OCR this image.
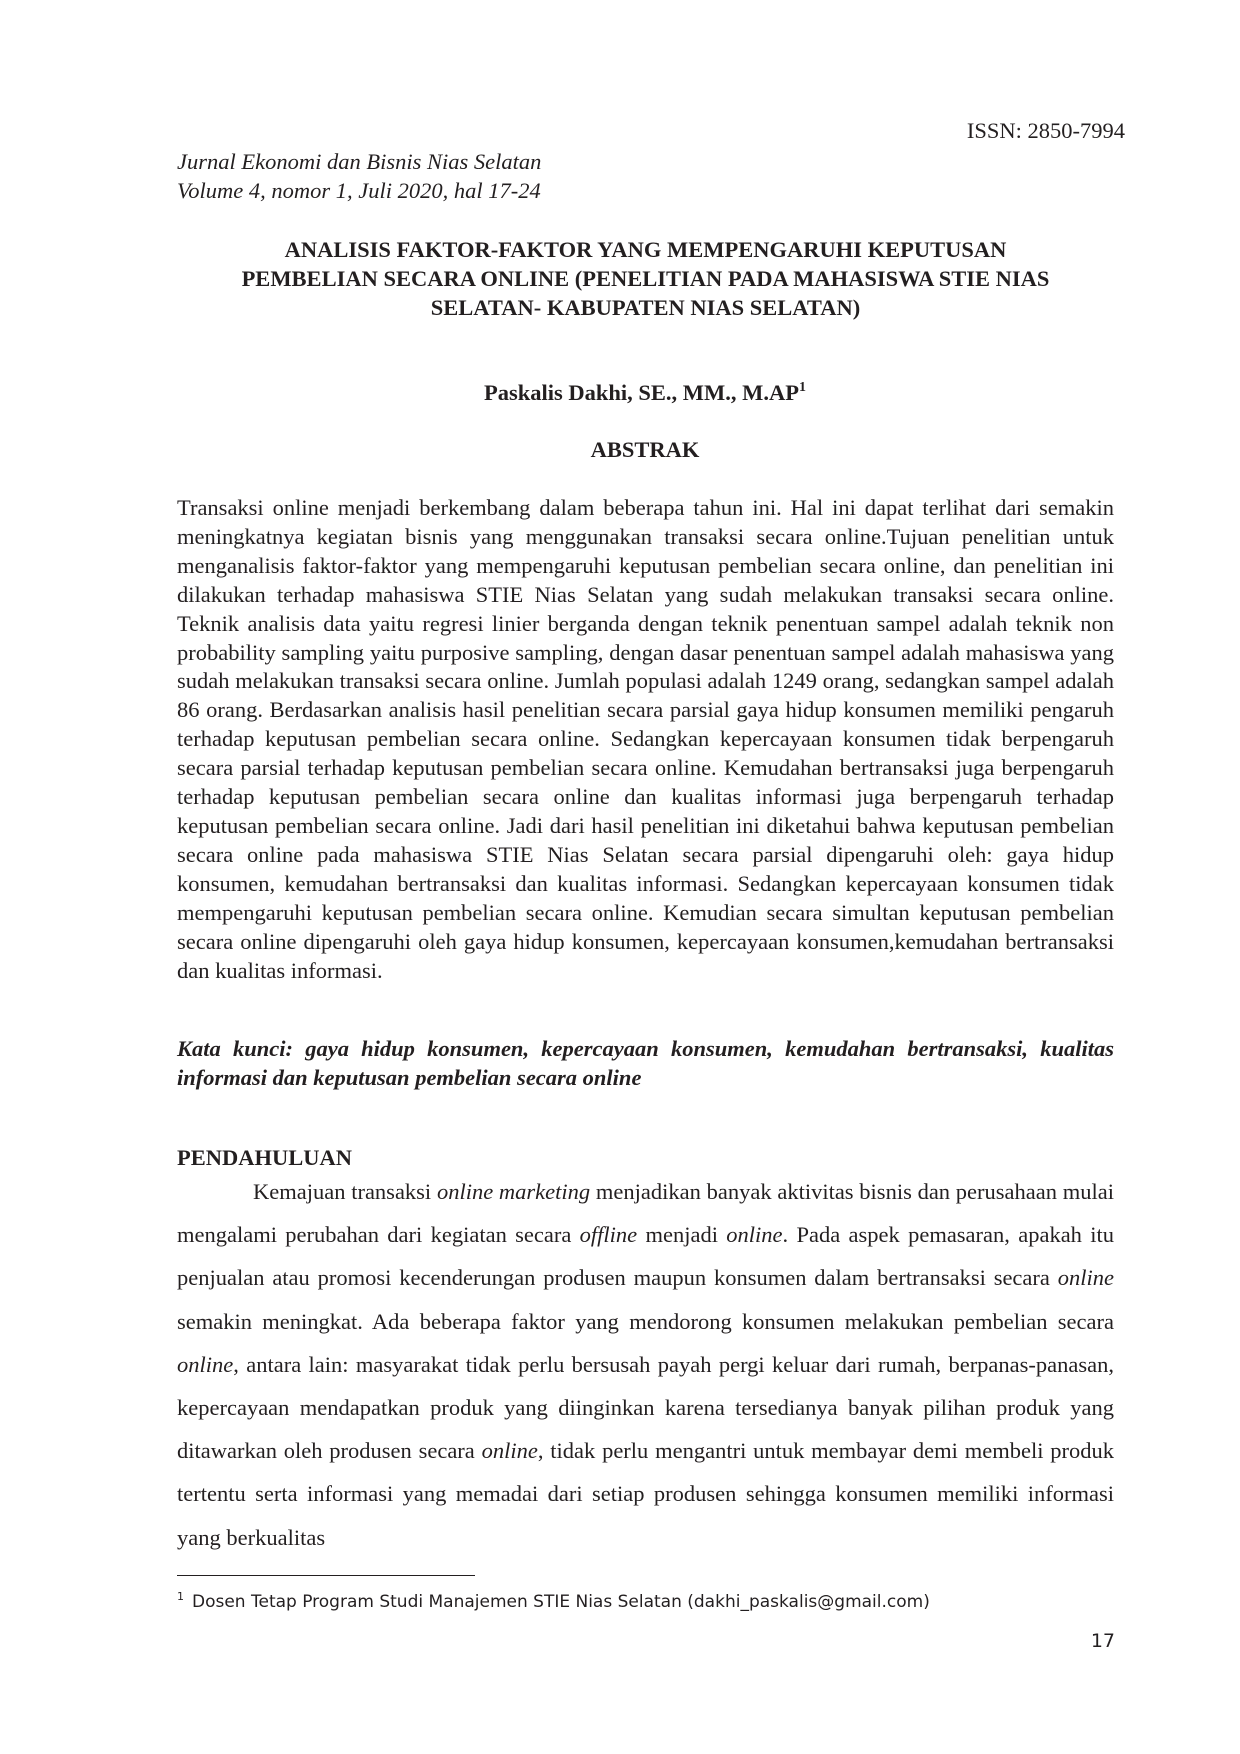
ISSN: 2850-7994
Jurnal Ekonomi dan Bisnis Nias Selatan
Volume 4, nomor 1, Juli 2020, hal 17-24
ANALISIS FAKTOR-FAKTOR YANG MEMPENGARUHI KEPUTUSAN
PEMBELIAN SECARA ONLINE (PENELITIAN PADA MAHASISWA STIE NIAS
SELATAN- KABUPATEN NIAS SELATAN)
Paskalis Dakhi, SE., MM., $M.AP^1$
ABSTRAK

Transaksi online menjadi berkembang dalam beberapa tahun ini. Hal ini dapat terlihat dari semakin meningkatnya kegiatan bisnis yang menggunakan transaksi secara online.Tujuan penelitian untuk menganalisis faktor-faktor yang mempengaruhi keputusan pembelian secara online, dan penelitian ini dilakukan terhadap mahasiswa STIE Nias Selatan yang sudah melakukan transaksi secara online. Teknik analisis data yaitu regresi linier berganda dengan teknik penentuan sampel adalah teknik non probability sampling yaitu purposive sampling, dengan dasar penentuan sampel adalah mahasiswa yang sudah melakukan transaksi secara online. Jumlah populasi adalah 1249 orang, sedangkan sampel adalah 86 orang. Berdasarkan analisis hasil penelitian secara parsial gaya hidup konsumen memiliki pengaruh terhadap keputusan pembelian secara online. Sedangkan kepercayaan konsumen tidak berpengaruh secara parsial terhadap keputusan pembelian secara online. Kemudahan bertransaksi juga berpengaruh terhadap keputusan pembelian secara online dan kualitas informasi juga berpengaruh terhadap keputusan pembelian secara online. Jadi dari hasil penelitian ini diketahui bahwa keputusan pembelian secara online pada mahasiswa STIE Nias Selatan secara parsial dipengaruhi oleh: gaya hidup konsumen, kemudahan bertransaksi dan kualitas informasi. Sedangkan kepercayaan konsumen tidak mempengaruhi keputusan pembelian secara online. Kemudian secara simultan keputusan pembelian secara online dipengaruhi oleh gaya hidup konsumen, kepercayaan konsumen,kemudahan bertransaksi dan kualitas informasi.

Kata kunci: gaya hidup konsumen, kepercayaan konsumen, kemudahan bertransaksi, kualitas informasi dan keputusan pembelian secara online

PENDAHULUAN

Kemajuan transaksi online marketing menjadikan banyak aktivitas bisnis dan perusahaan mulai mengalami perubahan dari kegiatan secara offline menjadi online. Pada aspek pemasaran, apakah itu penjualan atau promosi kecenderungan produsen maupun konsumen dalam bertransaksi secara online semakin meningkat. Ada beberapa faktor yang mendorong konsumen melakukan pembelian secara online, antara lain: masyarakat tidak perlu bersusah payah pergi keluar dari rumah, berpanas-panasan, kepercayaan mendapatkan produk yang diinginkan karena tersedianya banyak pilihan produk yang ditawarkan oleh produsen secara online, tidak perlu mengantri untuk membayar demi membeli produk tertentu serta informasi yang memadai dari setiap produsen sehingga konsumen memiliki informasi yang berkualitas

$^1$ Dosen Tetap Program Studi Manajemen STIE Nias Selatan (dakhi_paskalis@gmail.com)
17
